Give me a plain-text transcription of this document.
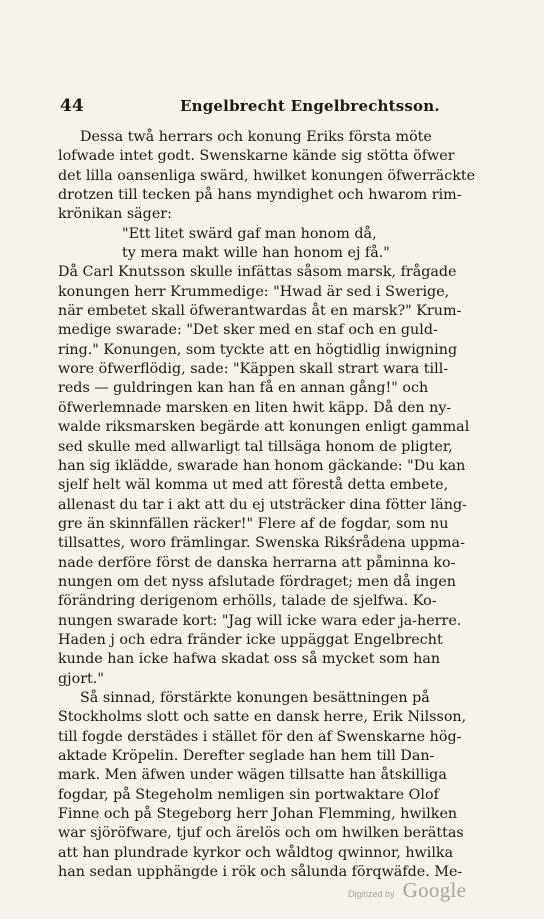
44	Engelbrecht Engelbrechtsson.
Dessa twå herrars och konung Eriks första möte
lofwade intet godt. Swenskarne kände sig stötta öfwer
det lilla oansenliga swärd, hwilket konungen öfwerräckte
drotzen till tecken på hans myndighet och hwarom rim-
krönikan säger:
"Ett litet swärd gaf man honom då,
ty mera makt wille han honom ej få."
Då Carl Knutsson skulle infättas såsom marsk, frågade
konungen herr Krummedige: "Hwad är sed i Swerige,
när embetet skall öfwerantwardas åt en marsk?" Krum-
medige swarade: "Det sker med en staf och en guld-
ring." Konungen, som tyckte att en högtidlig inwigning
wore öfwerflödig, sade: "Käppen skall strart wara till-
reds — guldringen kan han få en annan gång!" och
öfwerlemnade marsken en liten hwit käpp. Då den ny-
walde riksmarsken begärde att konungen enligt gammal
sed skulle med allwarligt tal tillsäga honom de pligter,
han sig iklädde, swarade han honom gäckande: "Du kan
sjelf helt wäl komma ut med att förestå detta embete,
allenast du tar i akt att du ej utsträcker dina fötter läng-
gre än skinnfällen räcker!" Flere af de fogdar, som nu
tillsattes, woro främlingar. Swenska Rikśrådena uppma-
nade derföre först de danska herrarna att påminna ko-
nungen om det nyss afslutade fördraget; men då ingen
förändring derigenom erhölls, talade de sjelfwa. Ko-
nungen swarade kort: "Jag will icke wara eder ja-herre.
Haden j och edra fränder icke uppäggat Engelbrecht
kunde han icke hafwa skadat oss så mycket som han
gjort."
Så sinnad, förstärkte konungen besättningen på
Stockholms slott och satte en dansk herre, Erik Nilsson,
till fogde derstädes i stället för den af Swenskarne hög-
aktade Kröpelin. Derefter seglade han hem till Dan-
mark. Men äfwen under wägen tillsatte han åtskilliga
fogdar, på Stegeholm nemligen sin portwaktare Olof
Finne och på Stegeborg herr Johan Flemming, hwilken
war sjöröfware, tjuf och ärelös och om hwilken berättas
att han plundrade kyrkor och wåldtog qwinnor, hwilka
han sedan upphängde i rök och sålunda förqwäfde. Me-
Digitized by Google
